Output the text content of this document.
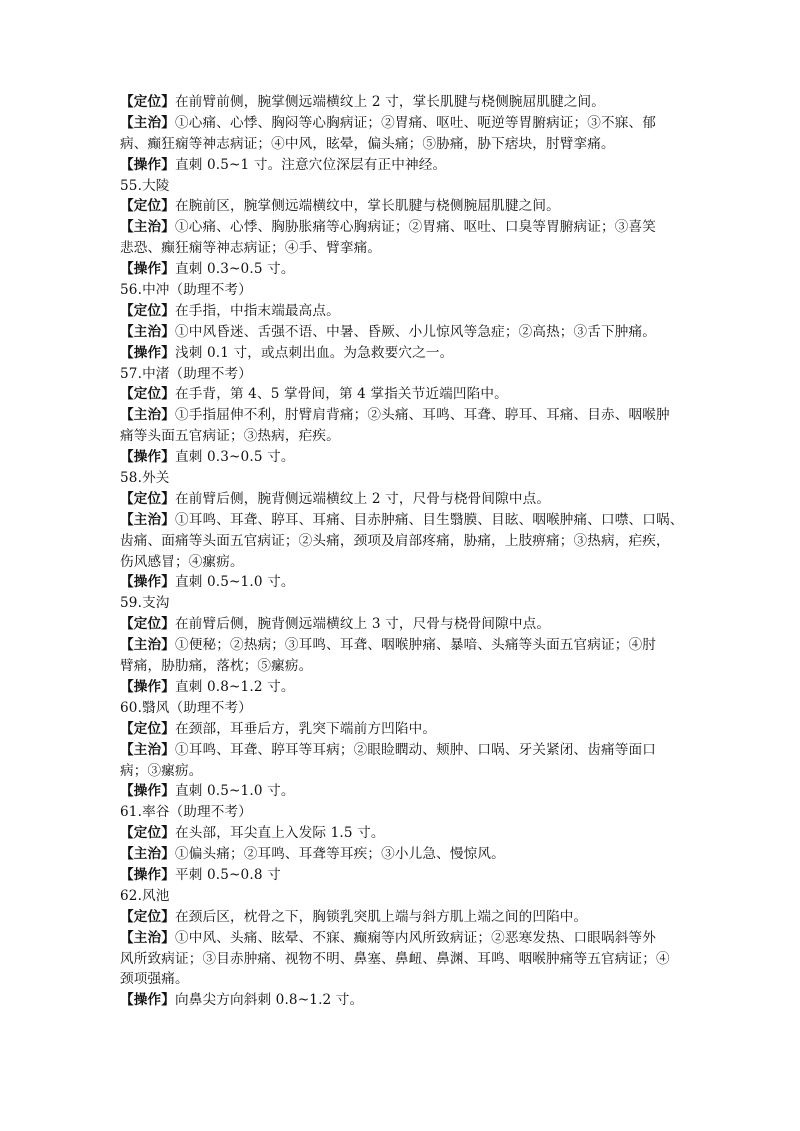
【定位】在前臂前侧，腕掌侧远端横纹上 2 寸，掌长肌腱与桡侧腕屈肌腱之间。
【主治】①心痛、心悸、胸闷等心胸病证；②胃痛、呕吐、呃逆等胃腑病证；③不寐、郁
病、癫狂痫等神志病证；④中风，眩晕，偏头痛；⑤胁痛，胁下痞块，肘臂挛痛。
【操作】直刺 0.5~1 寸。注意穴位深层有正中神经。
55.大陵
【定位】在腕前区，腕掌侧远端横纹中，掌长肌腱与桡侧腕屈肌腱之间。
【主治】①心痛、心悸、胸胁胀痛等心胸病证；②胃痛、呕吐、口臭等胃腑病证；③喜笑
悲恐、癫狂痫等神志病证；④手、臂挛痛。
【操作】直刺 0.3~0.5 寸。
56.中冲（助理不考）
【定位】在手指，中指末端最高点。
【主治】①中风昏迷、舌强不语、中暑、昏厥、小儿惊风等急症；②高热；③舌下肿痛。
【操作】浅刺 0.1 寸，或点刺出血。为急救要穴之一。
57.中渚（助理不考）
【定位】在手背，第 4、5 掌骨间，第 4 掌指关节近端凹陷中。
【主治】①手指屈伸不利，肘臂肩背痛；②头痛、耳鸣、耳聋、聤耳、耳痛、目赤、咽喉肿
痛等头面五官病证；③热病，疟疾。
【操作】直刺 0.3~0.5 寸。
58.外关
【定位】在前臂后侧，腕背侧远端横纹上 2 寸，尺骨与桡骨间隙中点。
【主治】①耳鸣、耳聋、聤耳、耳痛、目赤肿痛、目生翳膜、目眩、咽喉肿痛、口噤、口㖞、
齿痛、面痛等头面五官病证；②头痛，颈项及肩部疼痛，胁痛，上肢痹痛；③热病，疟疾，
伤风感冒；④瘰疬。
【操作】直刺 0.5~1.0 寸。
59.支沟
【定位】在前臂后侧，腕背侧远端横纹上 3 寸，尺骨与桡骨间隙中点。
【主治】①便秘；②热病；③耳鸣、耳聋、咽喉肿痛、暴喑、头痛等头面五官病证；④肘
臂痛，胁肋痛，落枕；⑤瘰疬。
【操作】直刺 0.8~1.2 寸。
60.翳风（助理不考）
【定位】在颈部，耳垂后方，乳突下端前方凹陷中。
【主治】①耳鸣、耳聋、聤耳等耳病；②眼睑瞤动、颊肿、口㖞、牙关紧闭、齿痛等面口
病；③瘰疬。
【操作】直刺 0.5~1.0 寸。
61.率谷（助理不考）
【定位】在头部，耳尖直上入发际 1.5 寸。
【主治】①偏头痛；②耳鸣、耳聋等耳疾；③小儿急、慢惊风。
【操作】平刺 0.5~0.8 寸
62.风池
【定位】在颈后区，枕骨之下，胸锁乳突肌上端与斜方肌上端之间的凹陷中。
【主治】①中风、头痛、眩晕、不寐、癫痫等内风所致病证；②恶寒发热、口眼㖞斜等外
风所致病证；③目赤肿痛、视物不明、鼻塞、鼻衄、鼻渊、耳鸣、咽喉肿痛等五官病证；④
颈项强痛。
【操作】向鼻尖方向斜刺 0.8~1.2 寸。
